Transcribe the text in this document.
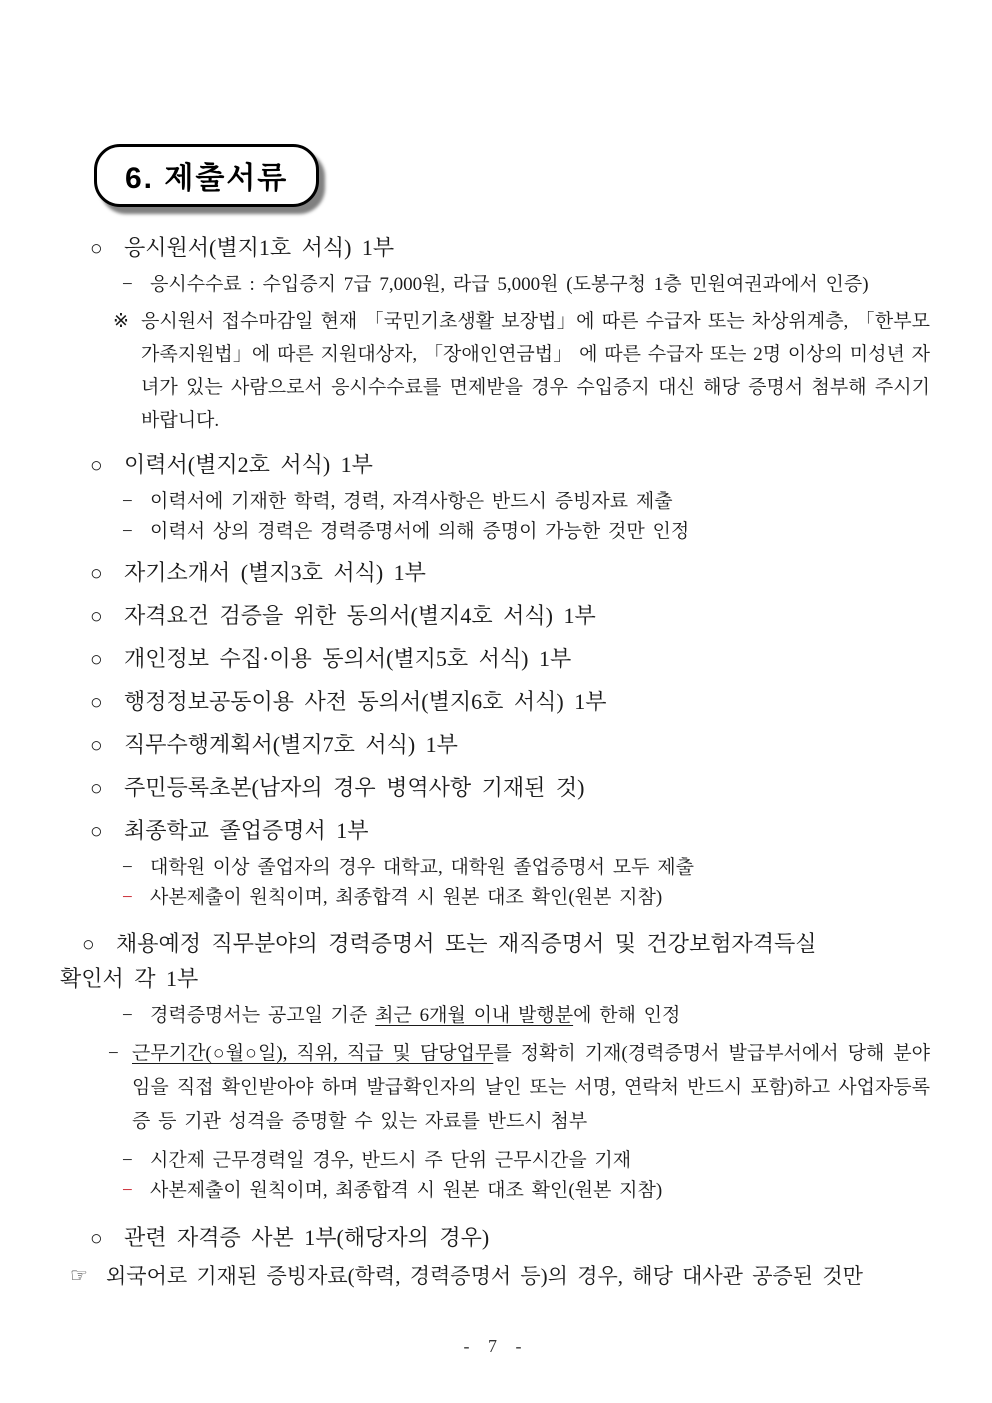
6. 제출서류
○ 응시원서(별지1호 서식) 1부
− 응시수수료 : 수입증지 7급 7,000원, 라급 5,000원 (도봉구청 1층 민원여권과에서 인증)
※ 응시원서 접수마감일 현재 「국민기초생활 보장법」에 따른 수급자 또는 차상위계층, 「한부모가족지원법」에 따른 지원대상자, 「장애인연금법」 에 따른 수급자 또는 2명 이상의 미성년 자녀가 있는 사람으로서 응시수수료를 면제받을 경우 수입증지 대신 해당 증명서 첨부해 주시기 바랍니다.
○ 이력서(별지2호 서식) 1부
− 이력서에 기재한 학력, 경력, 자격사항은 반드시 증빙자료 제출
− 이력서 상의 경력은 경력증명서에 의해 증명이 가능한 것만 인정
○ 자기소개서 (별지3호 서식) 1부
○ 자격요건 검증을 위한 동의서(별지4호 서식) 1부
○ 개인정보 수집·이용 동의서(별지5호 서식) 1부
○ 행정정보공동이용 사전 동의서(별지6호 서식) 1부
○ 직무수행계획서(별지7호 서식) 1부
○ 주민등록초본(남자의 경우 병역사항 기재된 것)
○ 최종학교 졸업증명서 1부
− 대학원 이상 졸업자의 경우 대학교, 대학원 졸업증명서 모두 제출
− 사본제출이 원칙이며, 최종합격 시 원본 대조 확인(원본 지참)
○ 채용예정 직무분야의 경력증명서 또는 재직증명서 및 건강보험자격득실
확인서 각 1부
− 경력증명서는 공고일 기준 최근 6개월 이내 발행분에 한해 인정
− 근무기간(○월○일), 직위, 직급 및 담당업무를 정확히 기재(경력증명서 발급부서에서 당해 분야임을 직접 확인받아야 하며 발급확인자의 날인 또는 서명, 연락처 반드시 포함)하고 사업자등록증 등 기관 성격을 증명할 수 있는 자료를 반드시 첨부
− 시간제 근무경력일 경우, 반드시 주 단위 근무시간을 기재
− 사본제출이 원칙이며, 최종합격 시 원본 대조 확인(원본 지참)
○ 관련 자격증 사본 1부(해당자의 경우)
☞ 외국어로 기재된 증빙자료(학력, 경력증명서 등)의 경우, 해당 대사관 공증된 것만
- 7 -
